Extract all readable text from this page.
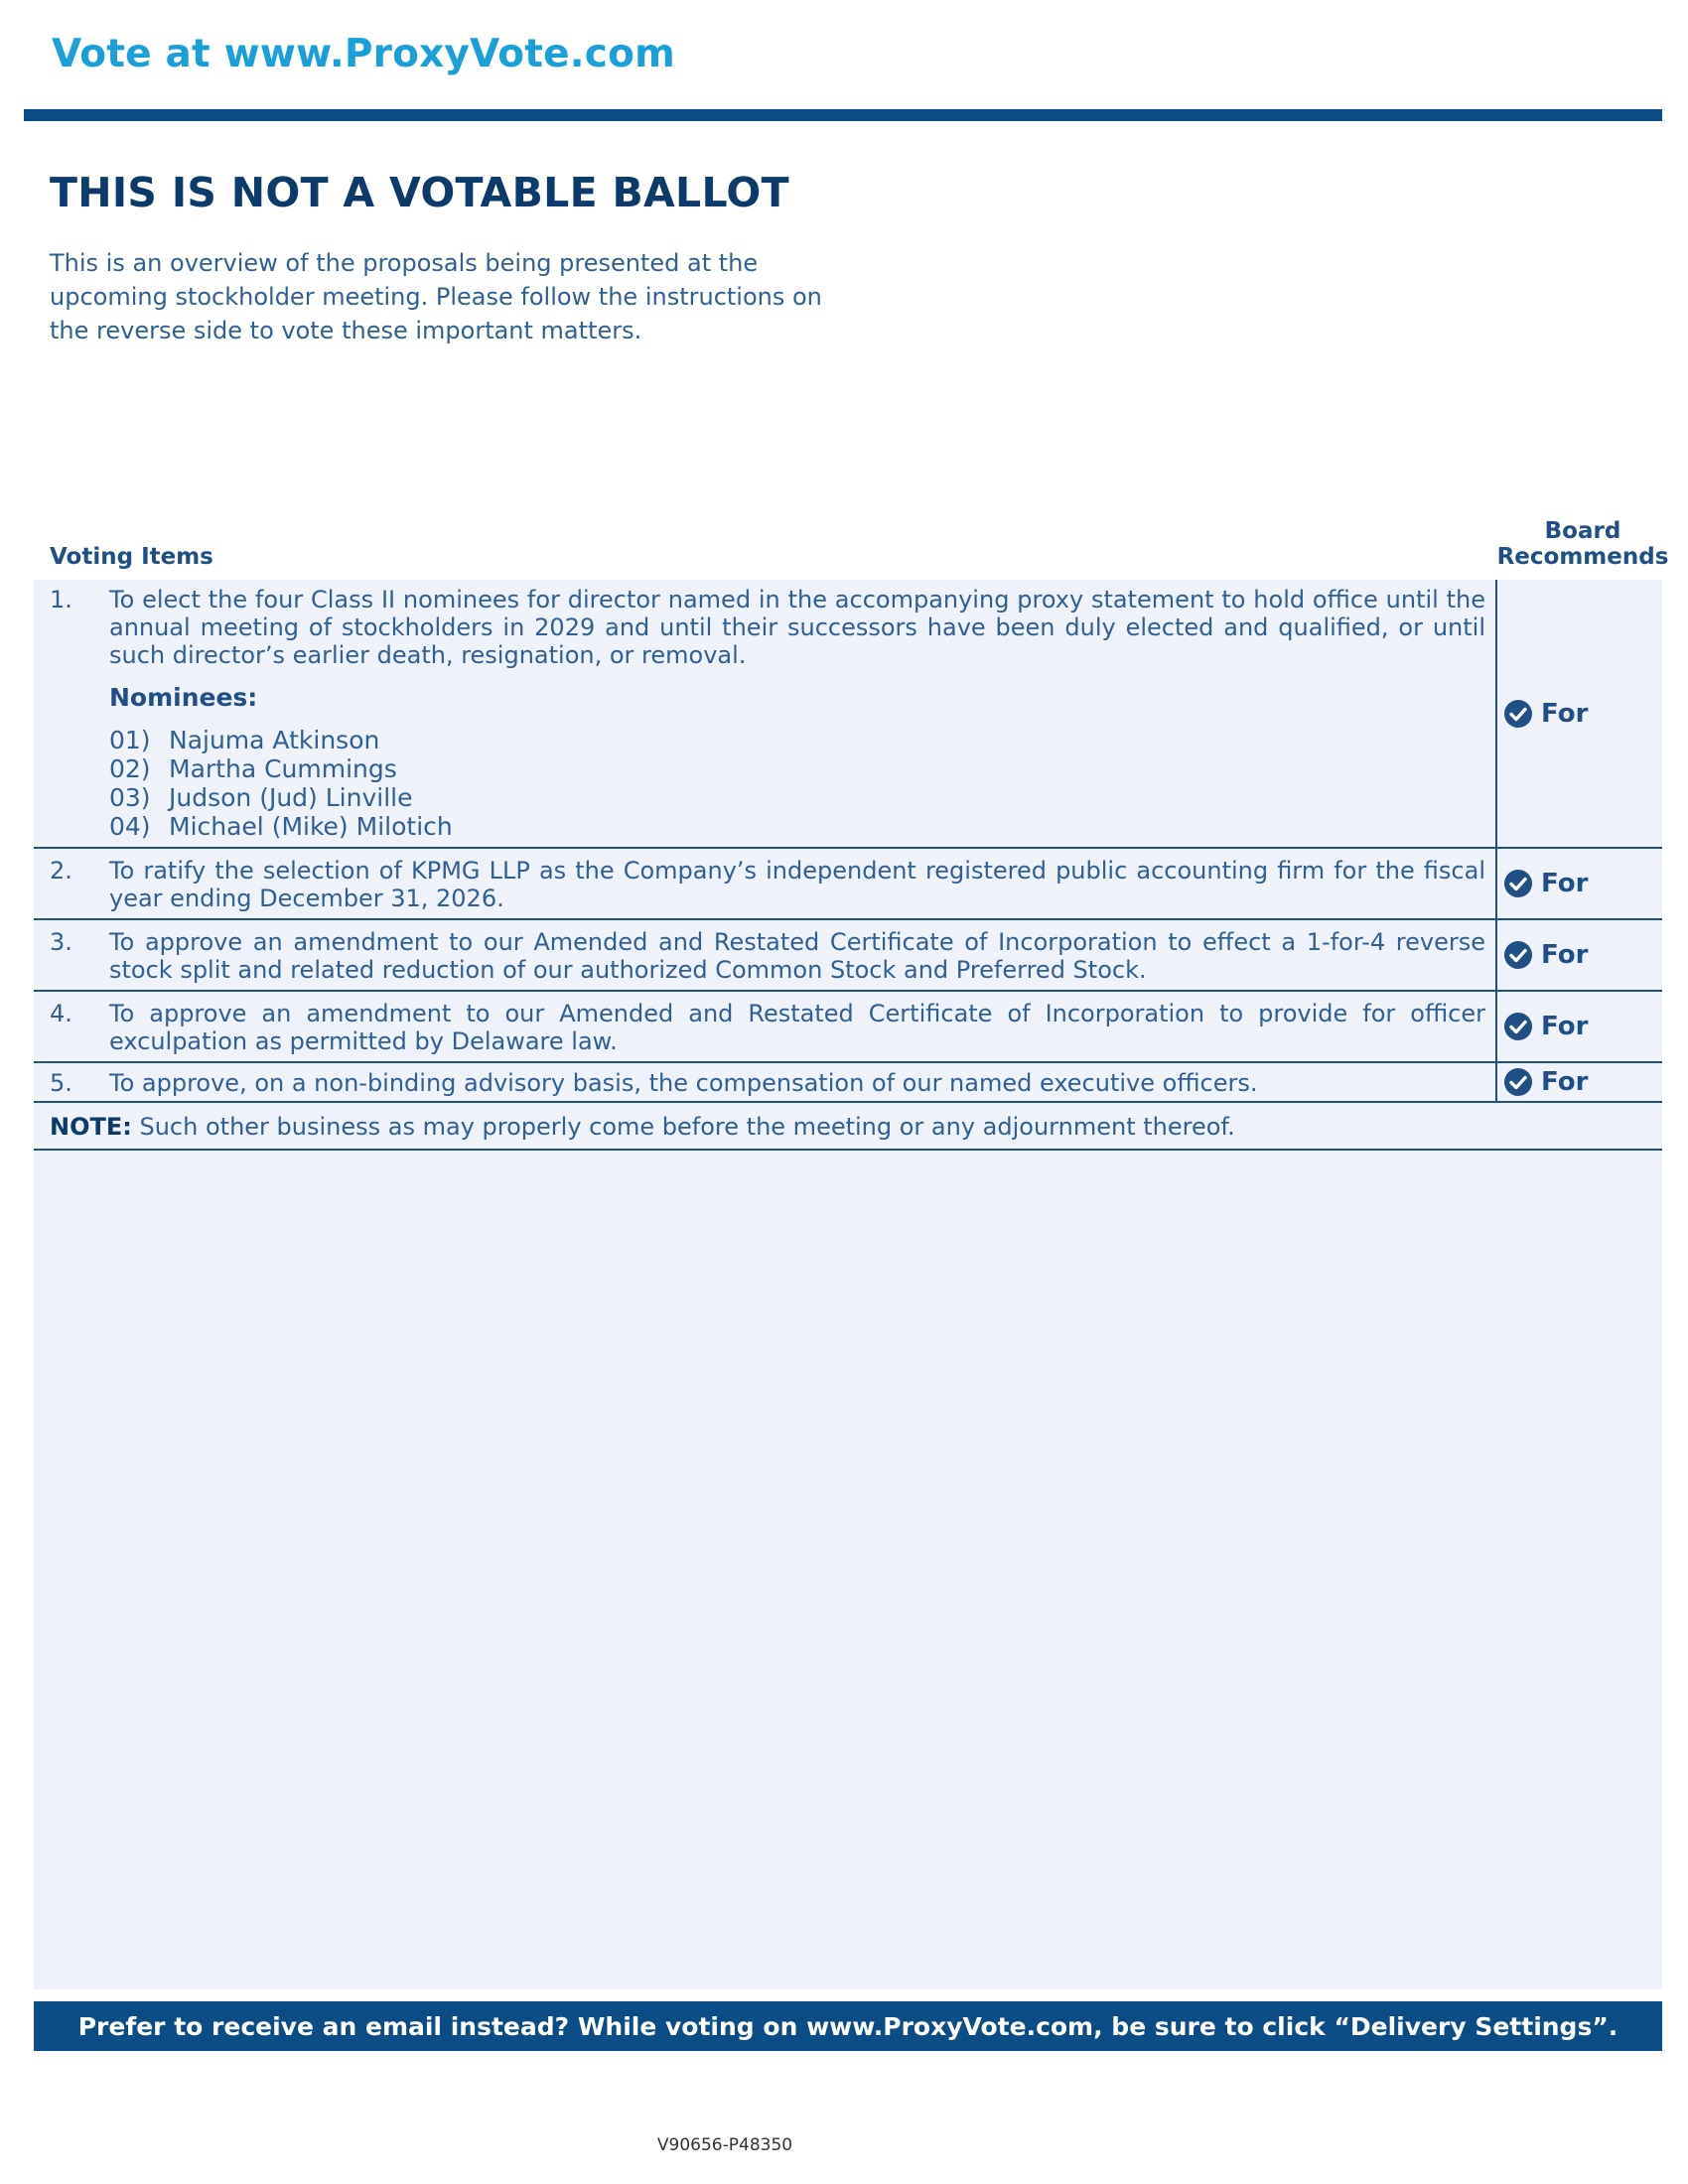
Vote at www.ProxyVote.com
THIS IS NOT A VOTABLE BALLOT
This is an overview of the proposals being presented at the
upcoming stockholder meeting. Please follow the instructions on
the reverse side to vote these important matters.
Voting Items
Board
Recommends
1. To elect the four Class II nominees for director named in the accompanying proxy statement to hold office until the annual meeting of stockholders in 2029 and until their successors have been duly elected and qualified, or until such director’s earlier death, resignation, or removal.
Nominees:
01) Najuma Atkinson
02) Martha Cummings
03) Judson (Jud) Linville
04) Michael (Mike) Milotich
For
2. To ratify the selection of KPMG LLP as the Company’s independent registered public accounting firm for the fiscal year ending December 31, 2026.	For
3. To approve an amendment to our Amended and Restated Certificate of Incorporation to effect a 1-for-4 reverse stock split and related reduction of our authorized Common Stock and Preferred Stock.	For
4. To approve an amendment to our Amended and Restated Certificate of Incorporation to provide for officer exculpation as permitted by Delaware law.	For
5. To approve, on a non-binding advisory basis, the compensation of our named executive officers.	For
NOTE: Such other business as may properly come before the meeting or any adjournment thereof.
Prefer to receive an email instead? While voting on www.ProxyVote.com, be sure to click “Delivery Settings”.
V90656-P48350
